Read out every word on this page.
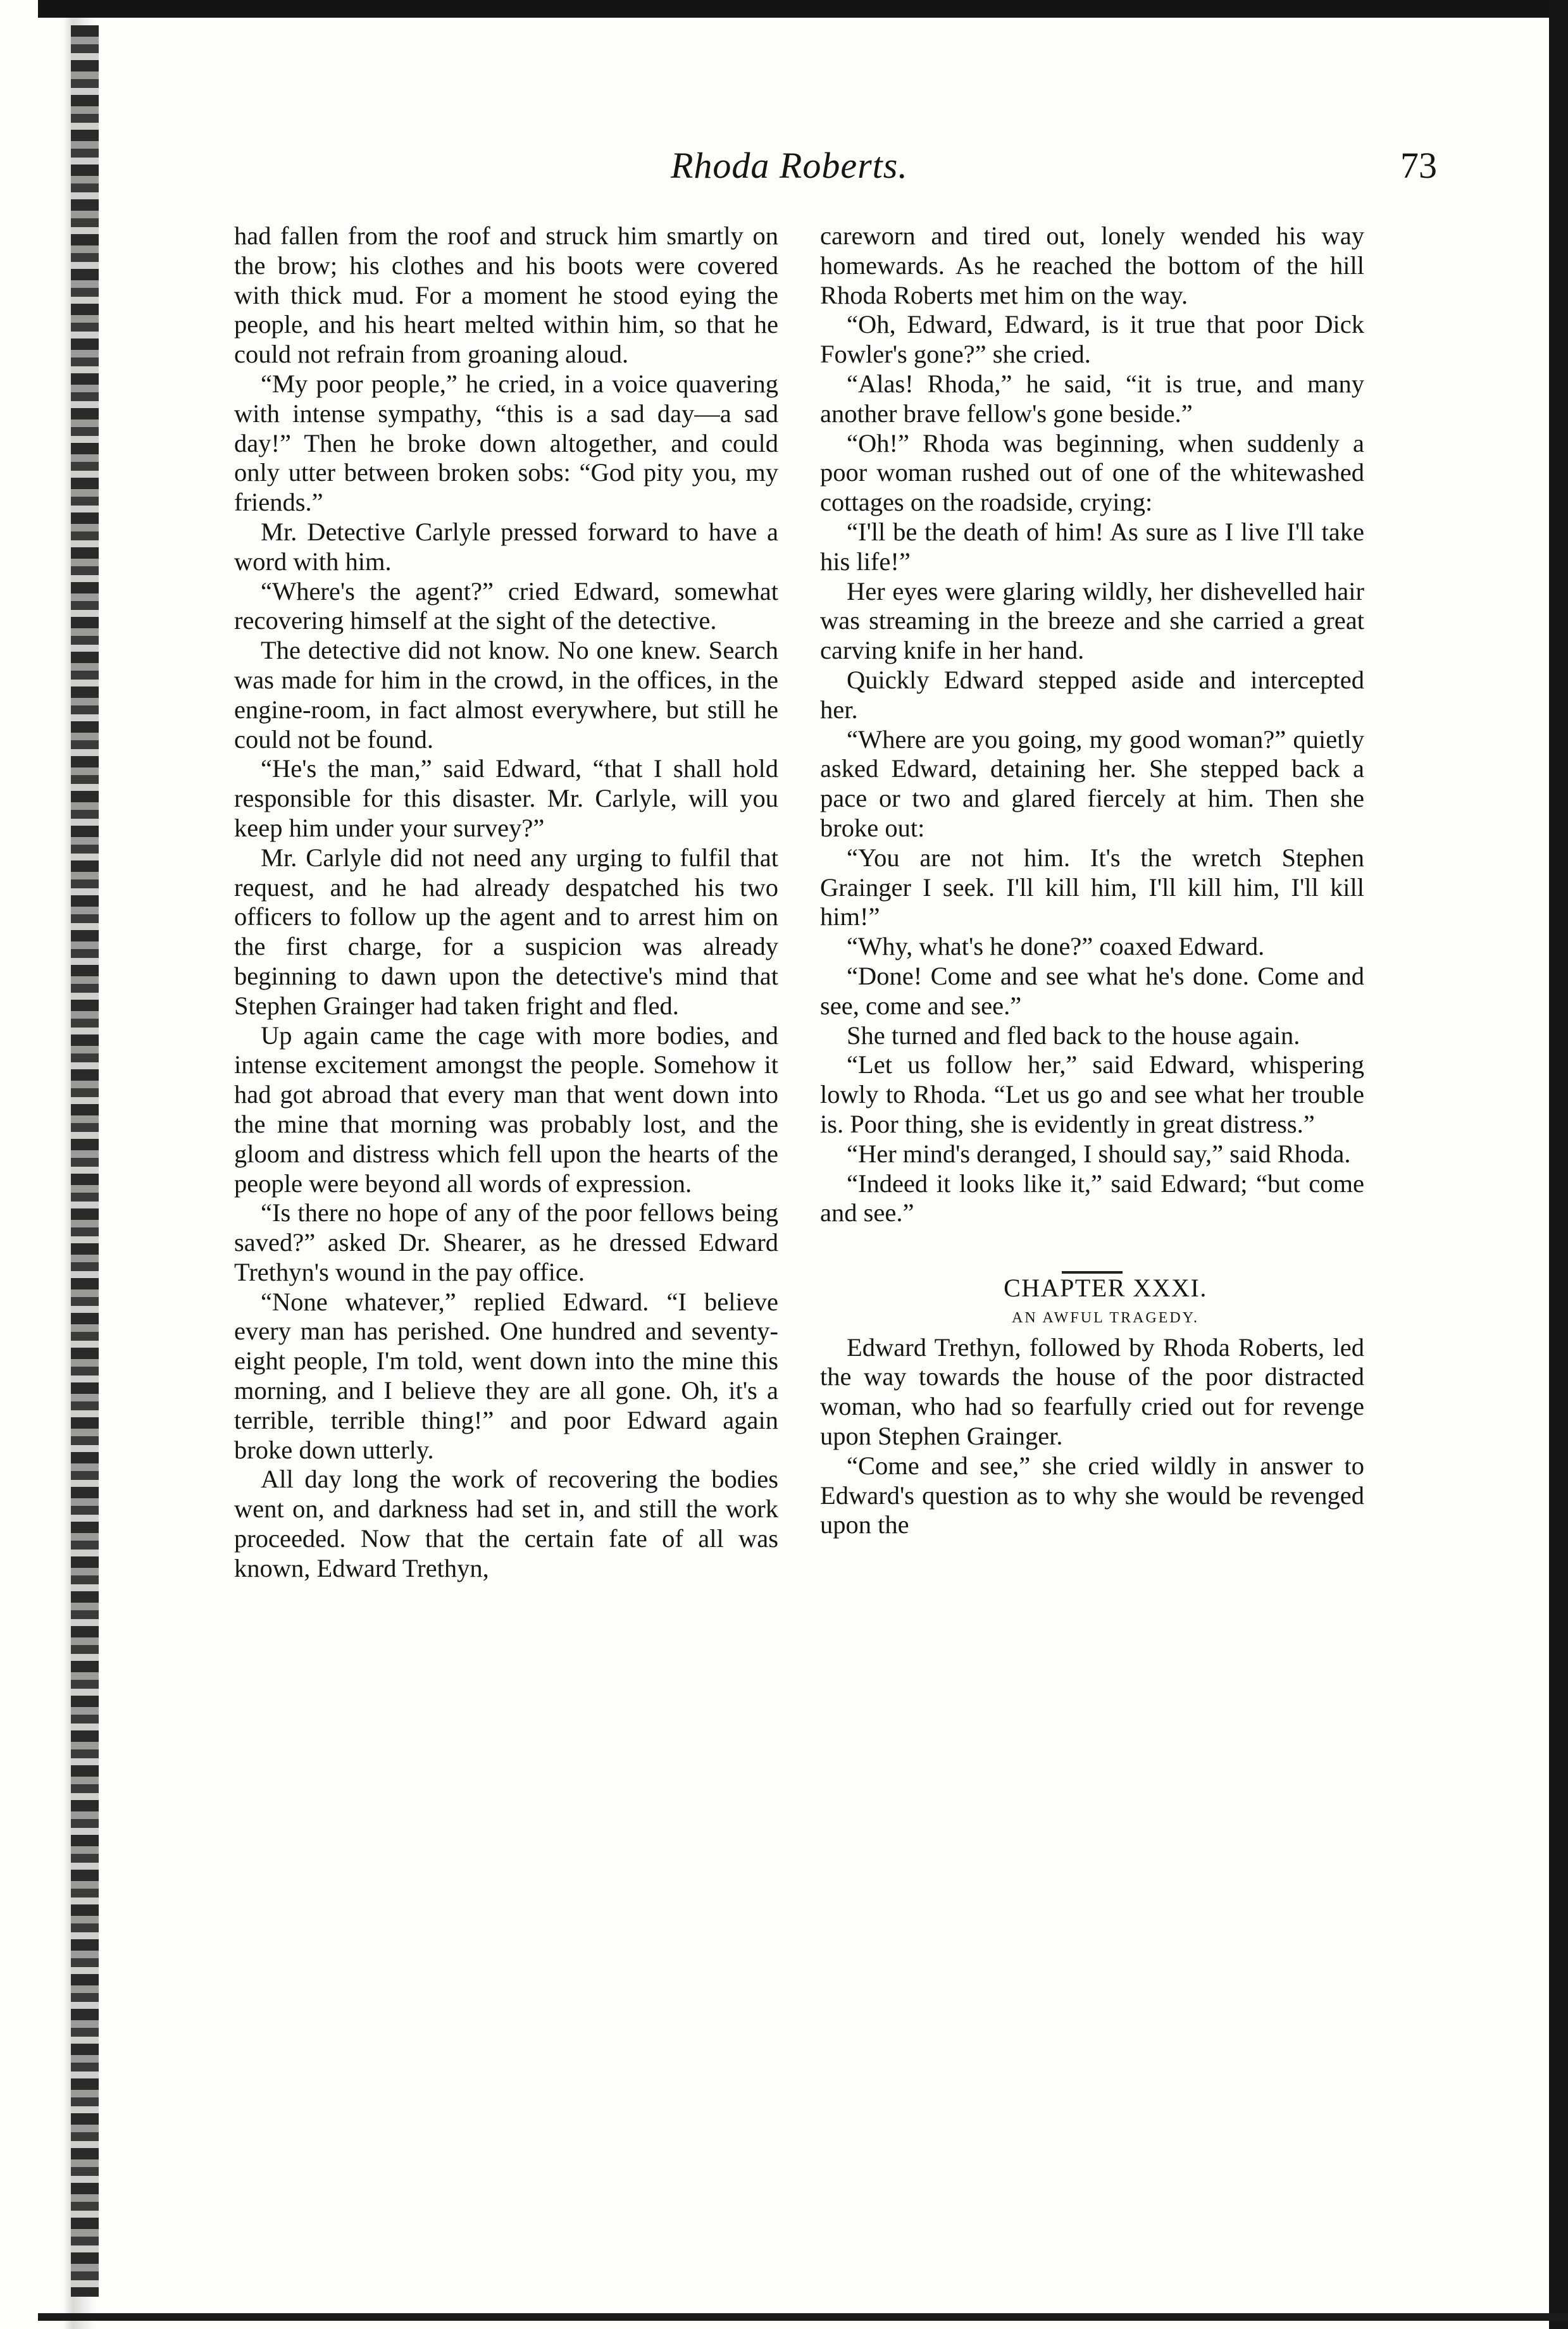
Rhoda Roberts.	73

had fallen from the roof and struck him smartly on the brow; his clothes and his boots were covered with thick mud. For a moment he stood eying the people, and his heart melted within him, so that he could not refrain from groaning aloud.

“My poor people,” he cried, in a voice quavering with intense sympathy, “this is a sad day—a sad day!” Then he broke down altogether, and could only utter between broken sobs: “God pity you, my friends.”

Mr. Detective Carlyle pressed forward to have a word with him.

“Where's the agent?” cried Edward, somewhat recovering himself at the sight of the detective.

The detective did not know. No one knew. Search was made for him in the crowd, in the offices, in the engine-room, in fact almost everywhere, but still he could not be found.

“He's the man,” said Edward, “that I shall hold responsible for this disaster. Mr. Carlyle, will you keep him under your survey?”

Mr. Carlyle did not need any urging to fulfil that request, and he had already despatched his two officers to follow up the agent and to arrest him on the first charge, for a suspicion was already beginning to dawn upon the detective's mind that Stephen Grainger had taken fright and fled.

Up again came the cage with more bodies, and intense excitement amongst the people. Somehow it had got abroad that every man that went down into the mine that morning was probably lost, and the gloom and distress which fell upon the hearts of the people were beyond all words of expression.

“Is there no hope of any of the poor fellows being saved?” asked Dr. Shearer, as he dressed Edward Trethyn's wound in the pay office.

“None whatever,” replied Edward. “I believe every man has perished. One hundred and seventy-eight people, I'm told, went down into the mine this morning, and I believe they are all gone. Oh, it's a terrible, terrible thing!” and poor Edward again broke down utterly.

All day long the work of recovering the bodies went on, and darkness had set in, and still the work proceeded. Now that the certain fate of all was known, Edward Trethyn,

careworn and tired out, lonely wended his way homewards. As he reached the bottom of the hill Rhoda Roberts met him on the way.

“Oh, Edward, Edward, is it true that poor Dick Fowler's gone?” she cried.

“Alas! Rhoda,” he said, “it is true, and many another brave fellow's gone beside.”

“Oh!” Rhoda was beginning, when suddenly a poor woman rushed out of one of the whitewashed cottages on the roadside, crying:

“I'll be the death of him! As sure as I live I'll take his life!”

Her eyes were glaring wildly, her dishevelled hair was streaming in the breeze and she carried a great carving knife in her hand.

Quickly Edward stepped aside and intercepted her.

“Where are you going, my good woman?” quietly asked Edward, detaining her. She stepped back a pace or two and glared fiercely at him. Then she broke out:

“You are not him. It's the wretch Stephen Grainger I seek. I'll kill him, I'll kill him, I'll kill him!”

“Why, what's he done?” coaxed Edward.

“Done! Come and see what he's done. Come and see, come and see.”

She turned and fled back to the house again.

“Let us follow her,” said Edward, whispering lowly to Rhoda. “Let us go and see what her trouble is. Poor thing, she is evidently in great distress.”

“Her mind's deranged, I should say,” said Rhoda.

“Indeed it looks like it,” said Edward; “but come and see.”

CHAPTER XXXI.

AN AWFUL TRAGEDY.

Edward Trethyn, followed by Rhoda Roberts, led the way towards the house of the poor distracted woman, who had so fearfully cried out for revenge upon Stephen Grainger.

“Come and see,” she cried wildly in answer to Edward's question as to why she would be revenged upon the
